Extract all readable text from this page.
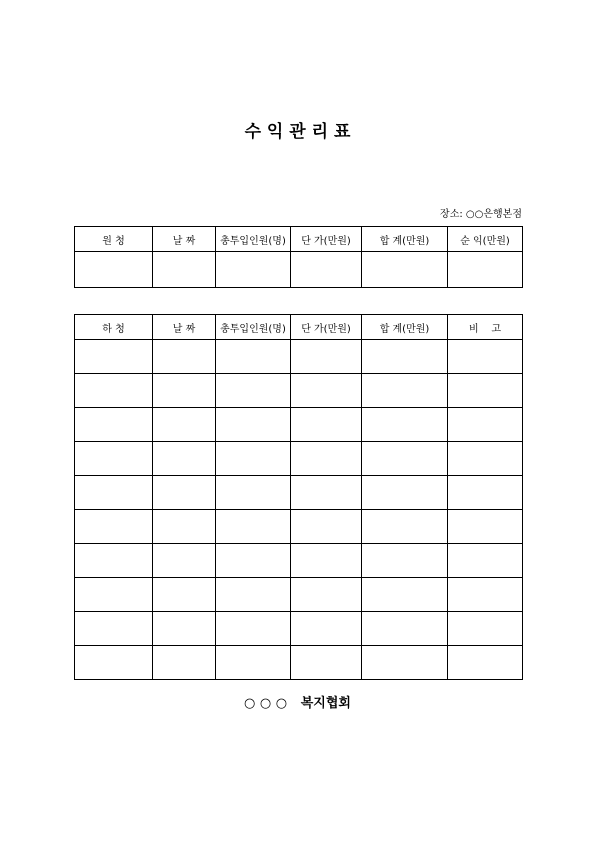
수 익 관 리 표
장소: ○○은행본점
원 청	날 짜	총투입인원(명)	단 가(만원)	합 계(만원)	순 익(만원)

하 청	날 짜	총투입인원(명)	단 가(만원)	합 계(만원)	비    고

○ ○ ○   복지협회
